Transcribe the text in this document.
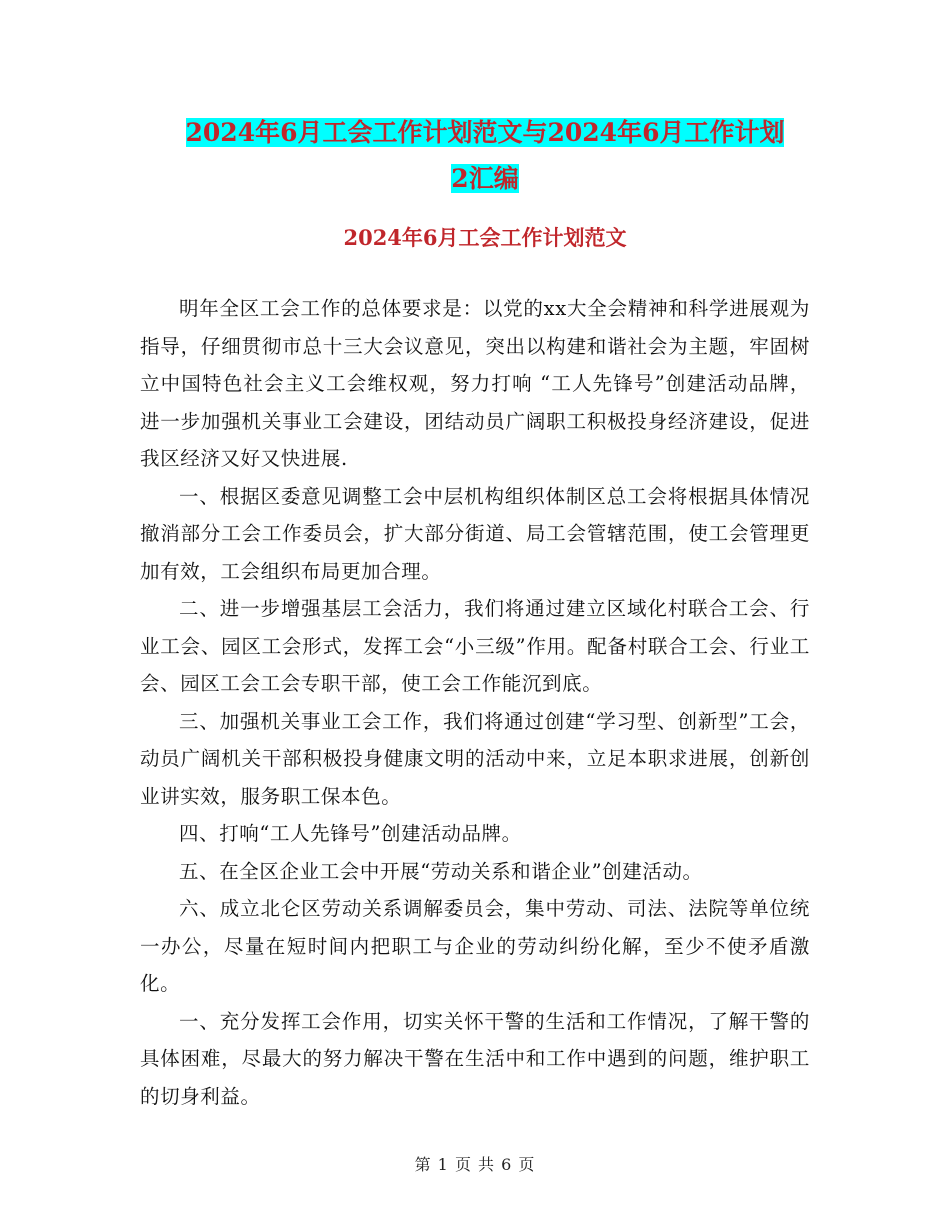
2024年6月工会工作计划范文与2024年6月工作计划
2汇编
2024年6月工会工作计划范文

明年全区工会工作的总体要求是：以党的xx大全会精神和科学进展观为指导，仔细贯彻市总十三大会议意见，突出以构建和谐社会为主题，牢固树立中国特色社会主义工会维权观，努力打响 “工人先锋号”创建活动品牌，进一步加强机关事业工会建设，团结动员广阔职工积极投身经济建设，促进我区经济又好又快进展.

一、根据区委意见调整工会中层机构组织体制区总工会将根据具体情况撤消部分工会工作委员会，扩大部分街道、局工会管辖范围，使工会管理更加有效，工会组织布局更加合理。

二、进一步增强基层工会活力，我们将通过建立区域化村联合工会、行业工会、园区工会形式，发挥工会“小三级”作用。配备村联合工会、行业工会、园区工会工会专职干部，使工会工作能沉到底。

三、加强机关事业工会工作，我们将通过创建“学习型、创新型”工会，动员广阔机关干部积极投身健康文明的活动中来，立足本职求进展，创新创业讲实效，服务职工保本色。

四、打响“工人先锋号”创建活动品牌。

五、在全区企业工会中开展“劳动关系和谐企业”创建活动。

六、成立北仑区劳动关系调解委员会，集中劳动、司法、法院等单位统一办公，尽量在短时间内把职工与企业的劳动纠纷化解，至少不使矛盾激化。

一、充分发挥工会作用，切实关怀干警的生活和工作情况，了解干警的具体困难，尽最大的努力解决干警在生活中和工作中遇到的问题，维护职工的切身利益。

第 1 页 共 6 页
